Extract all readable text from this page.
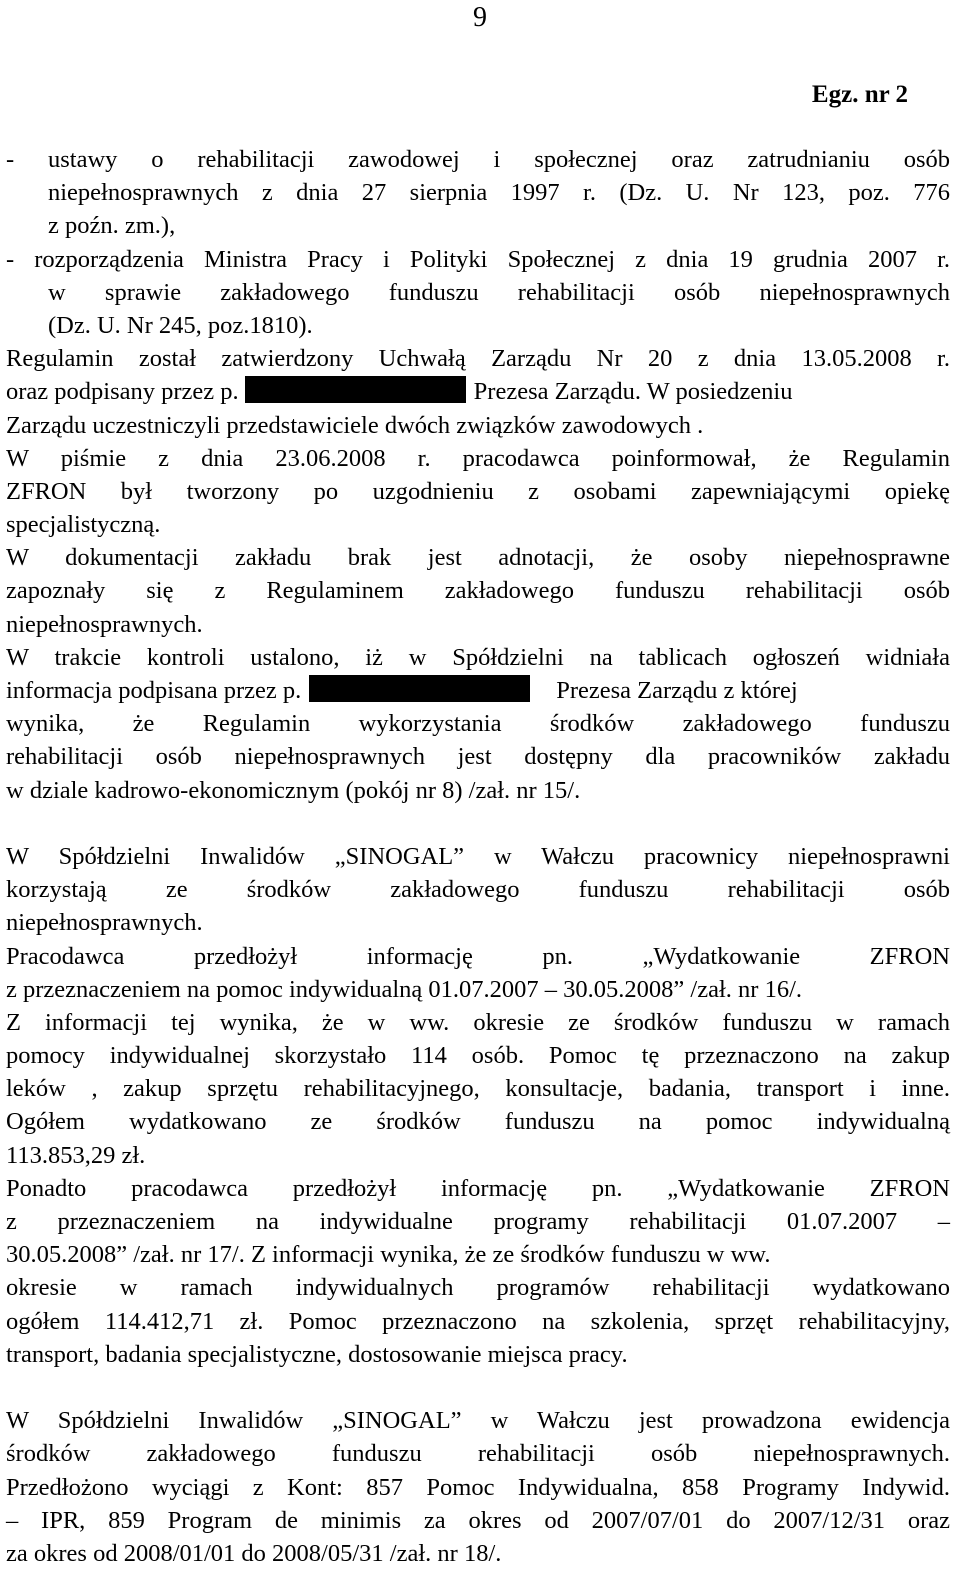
9
Egz. nr 2
- ustawy o rehabilitacji zawodowej i społecznej oraz zatrudnianiu osób
niepełnosprawnych z dnia 27 sierpnia 1997 r. (Dz. U. Nr 123, poz. 776
z poźn. zm.),
- rozporządzenia Ministra Pracy i Polityki Społecznej z dnia 19 grudnia 2007 r.
w sprawie zakładowego funduszu rehabilitacji osób niepełnosprawnych
(Dz. U. Nr 245, poz.1810).
Regulamin został zatwierdzony Uchwałą Zarządu Nr 20 z dnia 13.05.2008 r.
oraz podpisany przez p.	Prezesa Zarządu. W posiedzeniu
Zarządu uczestniczyli przedstawiciele dwóch związków zawodowych .
W piśmie z dnia 23.06.2008 r. pracodawca poinformował, że Regulamin
ZFRON był tworzony po uzgodnieniu z osobami zapewniającymi opiekę
specjalistyczną.
W dokumentacji zakładu brak jest adnotacji, że osoby niepełnosprawne
zapoznały się z Regulaminem zakładowego funduszu rehabilitacji osób
niepełnosprawnych.
W trakcie kontroli ustalono, iż w Spółdzielni na tablicach ogłoszeń widniała
informacja podpisana przez p.	Prezesa Zarządu z której
wynika, że Regulamin wykorzystania środków zakładowego funduszu
rehabilitacji osób niepełnosprawnych jest dostępny dla pracowników zakładu
w dziale kadrowo-ekonomicznym (pokój nr 8) /zał. nr 15/.
W Spółdzielni Inwalidów „SINOGAL” w Wałczu pracownicy niepełnosprawni
korzystają ze środków zakładowego funduszu rehabilitacji osób
niepełnosprawnych.
Pracodawca przedłożył informację pn. „Wydatkowanie ZFRON
z przeznaczeniem na pomoc indywidualną 01.07.2007 – 30.05.2008” /zał. nr 16/.
Z informacji tej wynika, że w ww. okresie ze środków funduszu w ramach
pomocy indywidualnej skorzystało 114 osób. Pomoc tę przeznaczono na zakup
leków , zakup sprzętu rehabilitacyjnego, konsultacje, badania, transport i inne.
Ogółem wydatkowano ze środków funduszu na pomoc indywidualną
113.853,29 zł.
Ponadto pracodawca przedłożył informację pn. „Wydatkowanie ZFRON
z przeznaczeniem na indywidualne programy rehabilitacji 01.07.2007 –
30.05.2008” /zał. nr 17/. Z informacji wynika, że ze środków funduszu w ww.
okresie w ramach indywidualnych programów rehabilitacji wydatkowano
ogółem 114.412,71 zł. Pomoc przeznaczono na szkolenia, sprzęt rehabilitacyjny,
transport, badania specjalistyczne, dostosowanie miejsca pracy.
W Spółdzielni Inwalidów „SINOGAL” w Wałczu jest prowadzona ewidencja
środków zakładowego funduszu rehabilitacji osób niepełnosprawnych.
Przedłożono wyciągi z Kont: 857 Pomoc Indywidualna, 858 Programy Indywid.
– IPR, 859 Program de minimis za okres od 2007/07/01 do 2007/12/31 oraz
za okres od 2008/01/01 do 2008/05/31 /zał. nr 18/.
